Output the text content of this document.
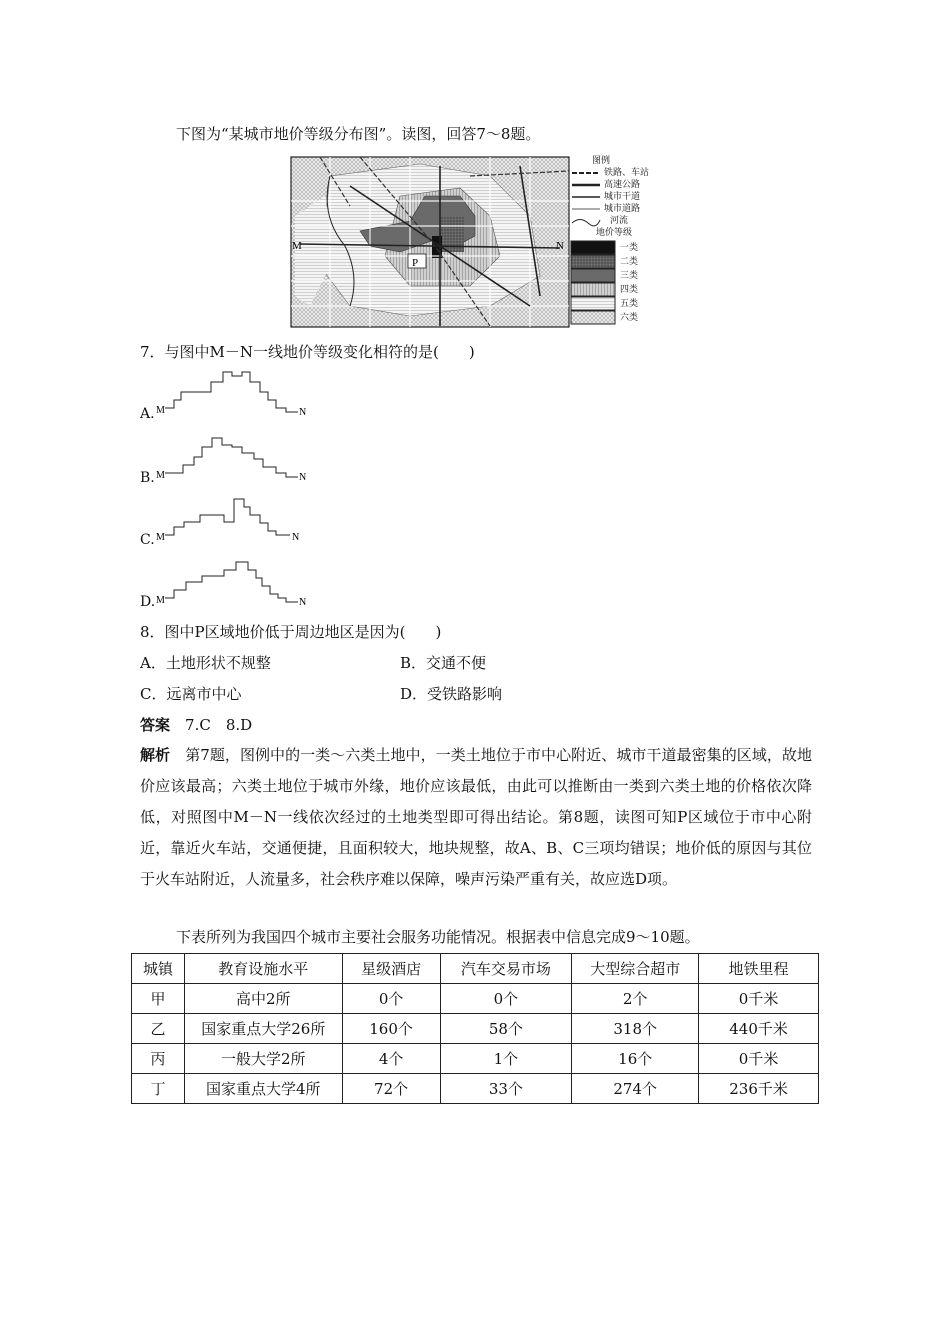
下图为“某城市地价等级分布图”。读图，回答7～8题。
P
M	N
图例
铁路、车站
高速公路
城市干道
城市道路
河流
地价等级
一类
二类
三类
四类
五类
六类
7．与图中M－N一线地价等级变化相符的是(　　)
A. M	N
B. M	N
C. M	N
D. M	N
8．图中P区域地价低于周边地区是因为(　　)
A．土地形状不规整	B．交通不便
C．远离市中心	D．受铁路影响
答案　 7.C　8.D
解析　 第7题，图例中的一类～六类土地中，一类土地位于市中心附近、城市干道最密集的区域，故地价应该最高；六类土地位于城市外缘，地价应该最低，由此可以推断由一类到六类土地的价格依次降低，对照图中M－N一线依次经过的土地类型即可得出结论。第8题，读图可知P区域位于市中心附近，靠近火车站，交通便捷，且面积较大，地块规整，故A、B、C三项均错误；地价低的原因与其位于火车站附近，人流量多，社会秩序难以保障，噪声污染严重有关，故应选D项。
下表所列为我国四个城市主要社会服务功能情况。根据表中信息完成9～10题。
城镇	教育设施水平	星级酒店	汽车交易市场	大型综合超市	地铁里程
甲	高中2所	0个	0个	2个	0千米
乙	国家重点大学26所	160个	58个	318个	440千米
丙	一般大学2所	4个	1个	16个	0千米
丁	国家重点大学4所	72个	33个	274个	236千米
